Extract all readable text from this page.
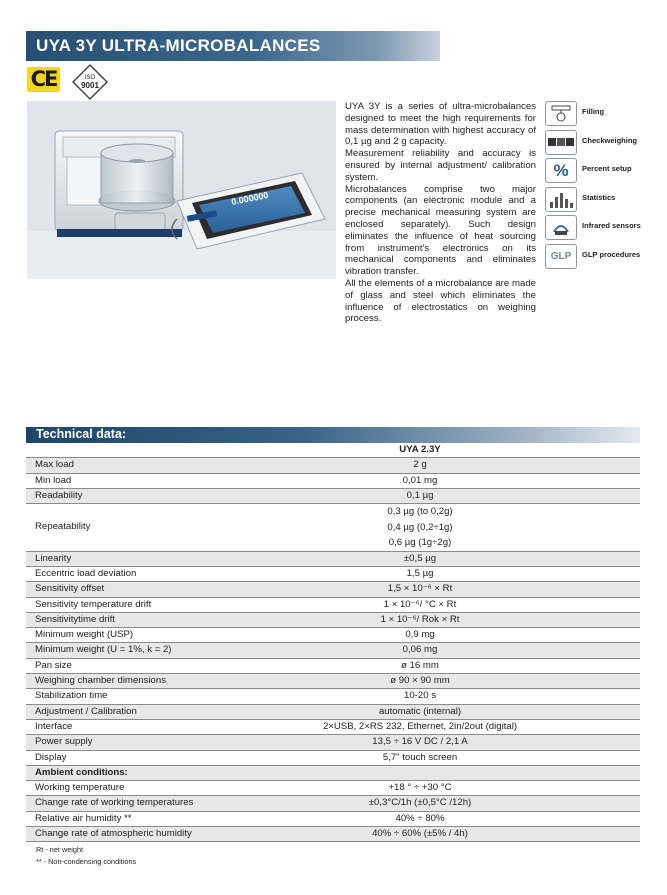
UYA 3Y ULTRA-MICROBALANCES
CE	ISO
9001
0.000000

UYA 3Y is a series of ultra-microbalances designed to meet the high requirements for mass determination with highest accuracy of 0,1 µg and 2 g capacity.

Measurement reliability and accuracy is ensured by internal adjustment/ calibration system.

Microbalances comprise two major components (an electronic module and a precise mechanical measuring system are enclosed separately). Such design eliminates the influence of heat sourcing from instrument's electronics on its mechanical components and eliminates vibration transfer.

All the elements of a microbalance are made of glass and steel which eliminates the influence of electrostatics on weighing process.

Filling
Checkweighing
%	Percent setup
Statistics
Infrared sensors
GLP	GLP procedures
Technical data:
	UYA 2.3Y
Max load	2 g
Min load	0,01 mg
Readability	0,1 µg
Repeatability	0,3 µg (to 0,2g)
0,4 µg (0,2÷1g)
0,6 µg (1g÷2g)

Linearity	±0,5 µg
Eccentric load deviation	1,5 µg
Sensitivity offset	1,5 × 10⁻⁶ × Rt
Sensitivity temperature drift	1 × 10⁻⁶/ °C × Rt
Sensitivitytime drift	1 × 10⁻⁶/ Rok × Rt
Minimum weight (USP)	0,9 mg
Minimum weight (U = 1%, k = 2)	0,06 mg
Pan size	ø 16 mm
Weighing chamber dimensions	ø 90 × 90 mm
Stabilization time	10-20 s
Adjustment / Calibration	automatic (internal)
Interface	2×USB, 2×RS 232, Ethernet, 2in/2out (digital)
Power supply	13,5 ÷ 16 V DC / 2,1 A
Display	5,7" touch screen
Ambient conditions:	
Working temperature	+18 ° ÷ +30 °C
Change rate of working temperatures	±0,3°C/1h (±0,5°C /12h)
Relative air humidity **	40% ÷ 80%
Change rate of atmospheric humidity	40% ÷ 60% (±5% / 4h)
Rt - net weight
** - Non-condensing conditions
